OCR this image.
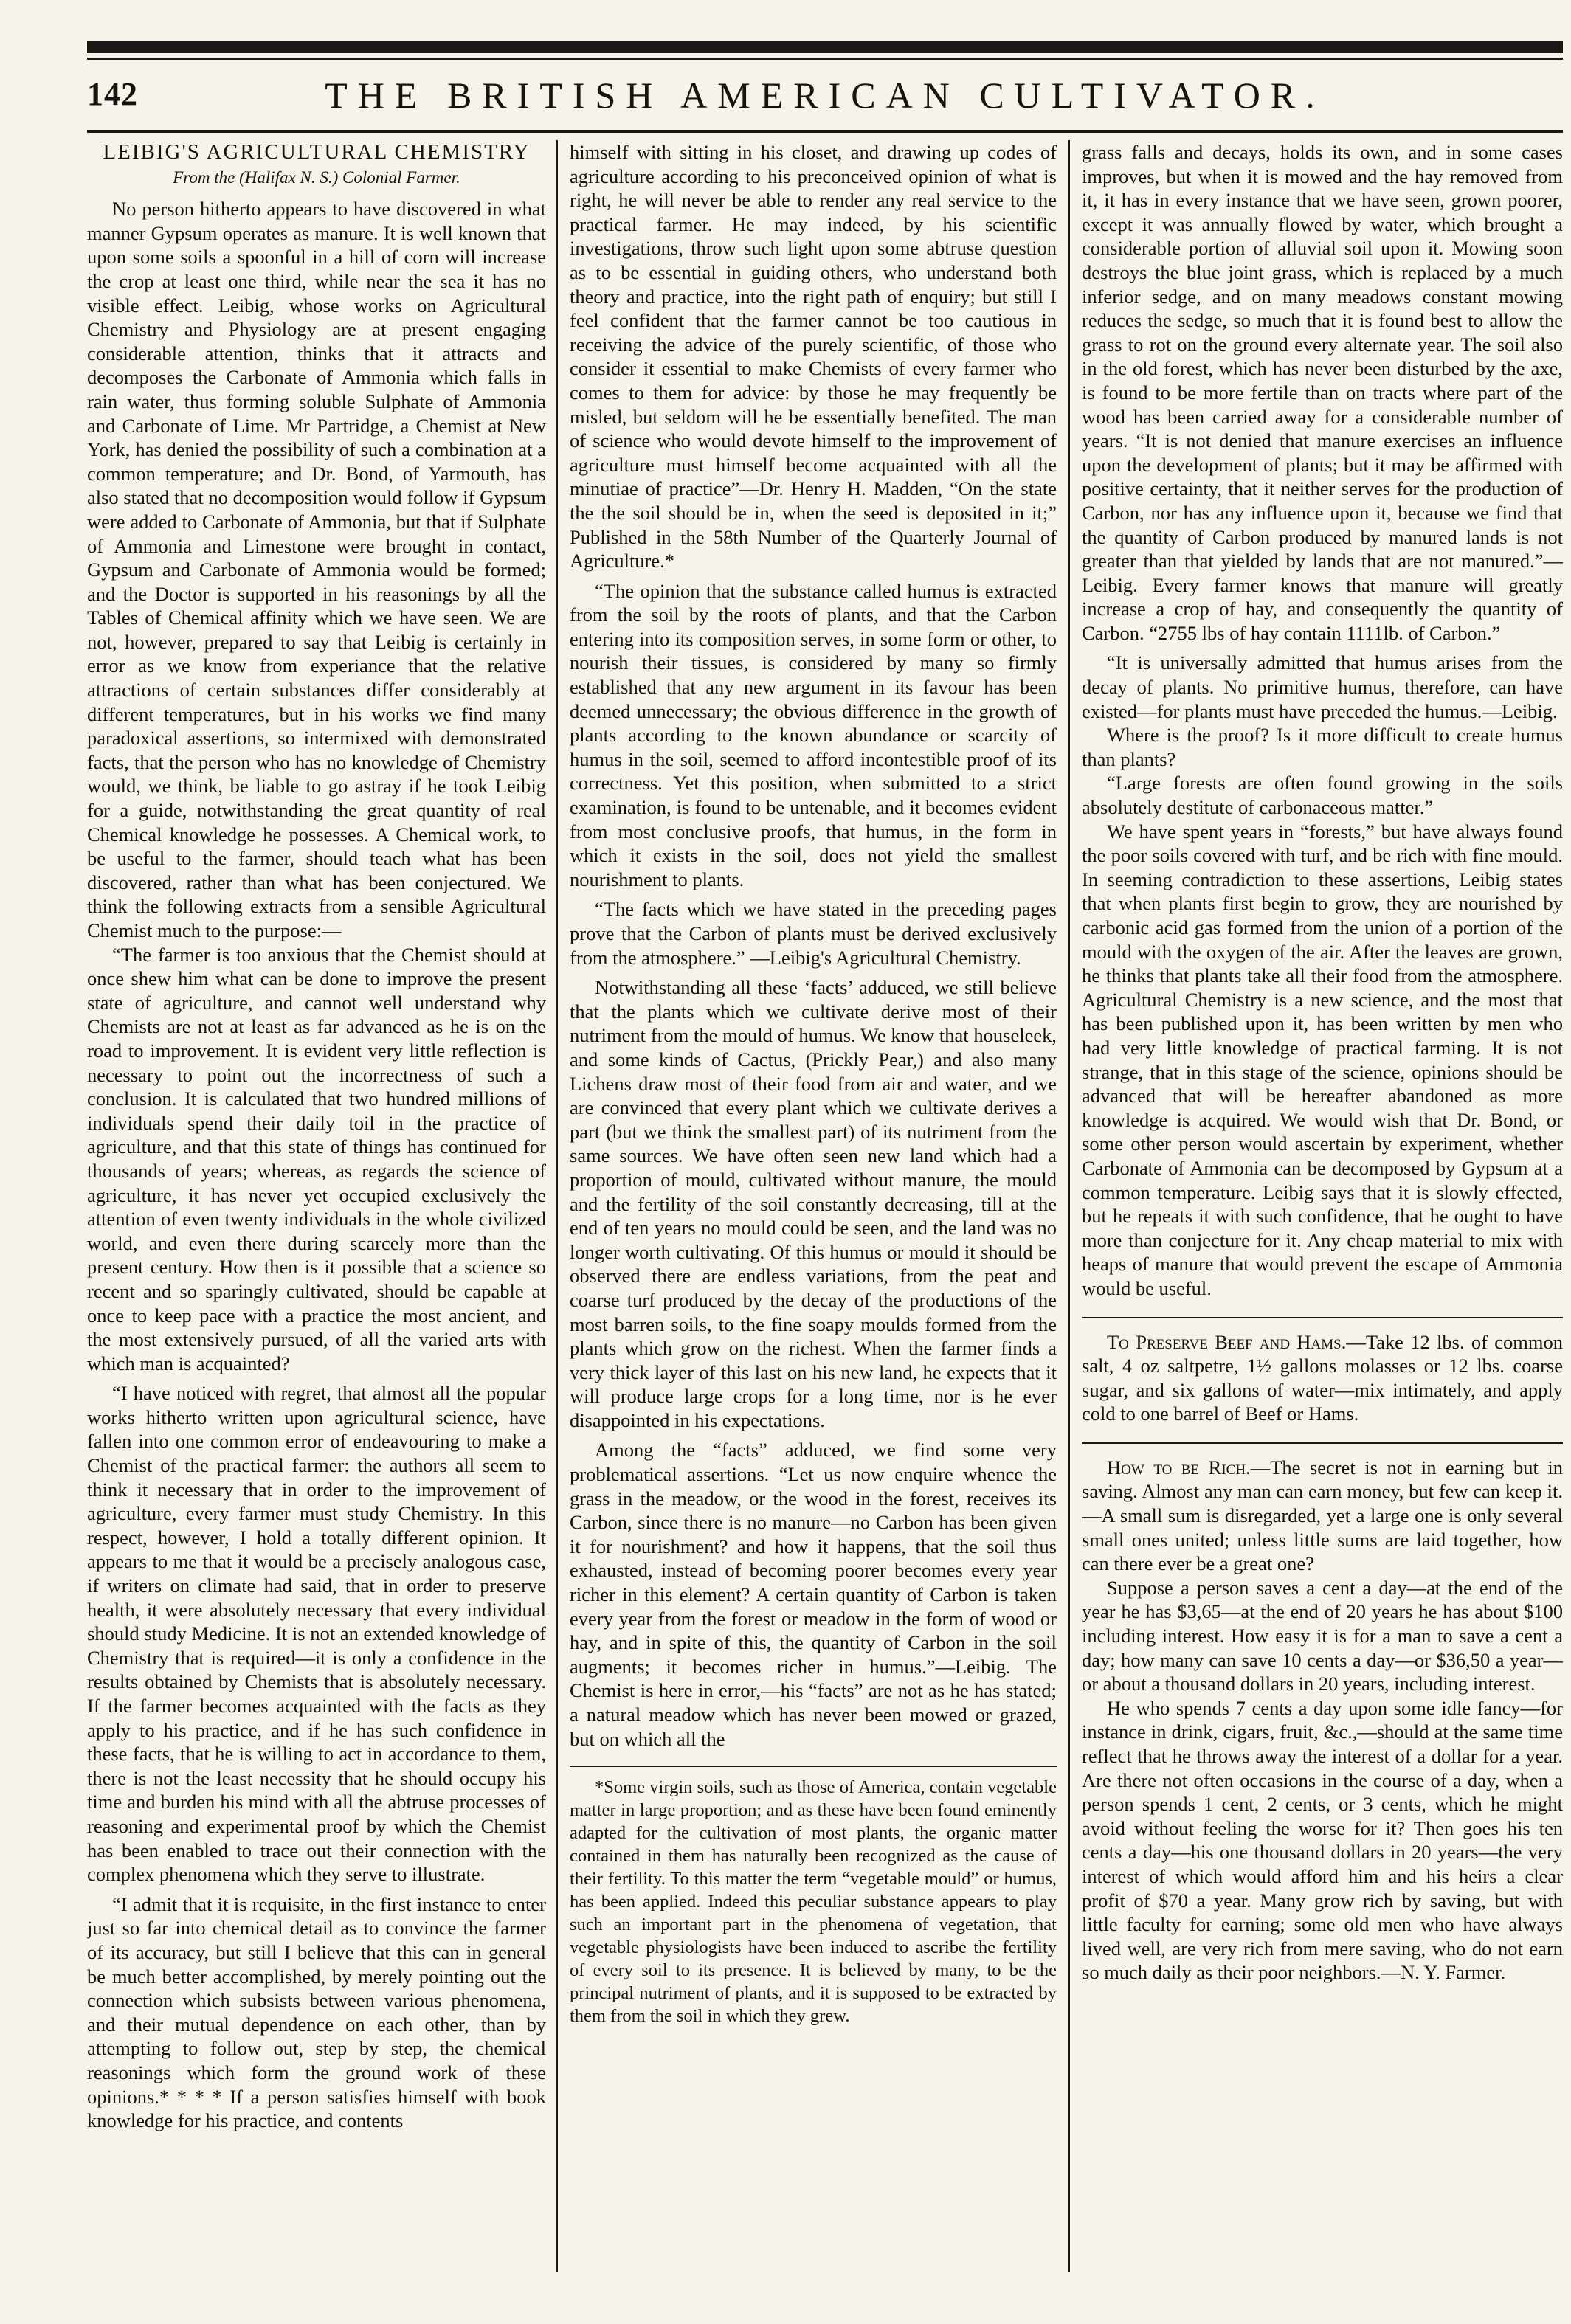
142	THE BRITISH AMERICAN CULTIVATOR.

LEIBIG'S AGRICULTURAL CHEMISTRY

From the (Halifax N. S.) Colonial Farmer.

No person hitherto appears to have discovered in what manner Gypsum operates as manure. It is well known that upon some soils a spoonful in a hill of corn will increase the crop at least one third, while near the sea it has no visible effect. Leibig, whose works on Agricultural Chemistry and Physiology are at present engaging considerable attention, thinks that it attracts and decomposes the Carbonate of Ammonia which falls in rain water, thus forming soluble Sulphate of Ammonia and Carbonate of Lime. Mr Partridge, a Chemist at New York, has denied the possibility of such a combination at a common temperature; and Dr. Bond, of Yarmouth, has also stated that no decomposition would follow if Gypsum were added to Carbonate of Ammonia, but that if Sulphate of Ammonia and Limestone were brought in contact, Gypsum and Carbonate of Ammonia would be formed; and the Doctor is supported in his reasonings by all the Tables of Chemical affinity which we have seen. We are not, however, prepared to say that Leibig is certainly in error as we know from experiance that the relative attractions of certain substances differ considerably at different temperatures, but in his works we find many paradoxical assertions, so intermixed with demonstrated facts, that the person who has no knowledge of Chemistry would, we think, be liable to go astray if he took Leibig for a guide, notwithstanding the great quantity of real Chemical knowledge he possesses. A Chemical work, to be useful to the farmer, should teach what has been discovered, rather than what has been conjectured. We think the following extracts from a sensible Agricultural Chemist much to the purpose:—

“The farmer is too anxious that the Chemist should at once shew him what can be done to improve the present state of agriculture, and cannot well understand why Chemists are not at least as far advanced as he is on the road to improvement. It is evident very little reflection is necessary to point out the incorrectness of such a conclusion. It is calculated that two hundred millions of individuals spend their daily toil in the practice of agriculture, and that this state of things has continued for thousands of years; whereas, as regards the science of agriculture, it has never yet occupied exclusively the attention of even twenty individuals in the whole civilized world, and even there during scarcely more than the present century. How then is it possible that a science so recent and so sparingly cultivated, should be capable at once to keep pace with a practice the most ancient, and the most extensively pursued, of all the varied arts with which man is acquainted?

“I have noticed with regret, that almost all the popular works hitherto written upon agricultural science, have fallen into one common error of endeavouring to make a Chemist of the practical farmer: the authors all seem to think it necessary that in order to the improvement of agriculture, every farmer must study Chemistry. In this respect, however, I hold a totally different opinion. It appears to me that it would be a precisely analogous case, if writers on climate had said, that in order to preserve health, it were absolutely necessary that every individual should study Medicine. It is not an extended knowledge of Chemistry that is required—it is only a confidence in the results obtained by Chemists that is absolutely necessary. If the farmer becomes acquainted with the facts as they apply to his practice, and if he has such confidence in these facts, that he is willing to act in accordance to them, there is not the least necessity that he should occupy his time and burden his mind with all the abtruse processes of reasoning and experimental proof by which the Chemist has been enabled to trace out their connection with the complex phenomena which they serve to illustrate.

“I admit that it is requisite, in the first instance to enter just so far into chemical detail as to convince the farmer of its accuracy, but still I believe that this can in general be much better accomplished, by merely pointing out the connection which subsists between various phenomena, and their mutual dependence on each other, than by attempting to follow out, step by step, the chemical reasonings which form the ground work of these opinions.* * * * If a person satisfies himself with book knowledge for his practice, and contents

himself with sitting in his closet, and drawing up codes of agriculture according to his preconceived opinion of what is right, he will never be able to render any real service to the practical farmer. He may indeed, by his scientific investigations, throw such light upon some abtruse question as to be essential in guiding others, who understand both theory and practice, into the right path of enquiry; but still I feel confident that the farmer cannot be too cautious in receiving the advice of the purely scientific, of those who consider it essential to make Chemists of every farmer who comes to them for advice: by those he may frequently be misled, but seldom will he be essentially benefited. The man of science who would devote himself to the improvement of agriculture must himself become acquainted with all the minutiae of practice”—Dr. Henry H. Madden, “On the state the the soil should be in, when the seed is deposited in it;” Published in the 58th Number of the Quarterly Journal of Agriculture.*

“The opinion that the substance called humus is extracted from the soil by the roots of plants, and that the Carbon entering into its composition serves, in some form or other, to nourish their tissues, is considered by many so firmly established that any new argument in its favour has been deemed unnecessary; the obvious difference in the growth of plants according to the known abundance or scarcity of humus in the soil, seemed to afford incontestible proof of its correctness. Yet this position, when submitted to a strict examination, is found to be untenable, and it becomes evident from most conclusive proofs, that humus, in the form in which it exists in the soil, does not yield the smallest nourishment to plants.

“The facts which we have stated in the preceding pages prove that the Carbon of plants must be derived exclusively from the atmosphere.” —Leibig's Agricultural Chemistry.

Notwithstanding all these ‘facts’ adduced, we still believe that the plants which we cultivate derive most of their nutriment from the mould of humus. We know that houseleek, and some kinds of Cactus, (Prickly Pear,) and also many Lichens draw most of their food from air and water, and we are convinced that every plant which we cultivate derives a part (but we think the smallest part) of its nutriment from the same sources. We have often seen new land which had a proportion of mould, cultivated without manure, the mould and the fertility of the soil constantly decreasing, till at the end of ten years no mould could be seen, and the land was no longer worth cultivating. Of this humus or mould it should be observed there are endless variations, from the peat and coarse turf produced by the decay of the productions of the most barren soils, to the fine soapy moulds formed from the plants which grow on the richest. When the farmer finds a very thick layer of this last on his new land, he expects that it will produce large crops for a long time, nor is he ever disappointed in his expectations.

Among the “facts” adduced, we find some very problematical assertions. “Let us now enquire whence the grass in the meadow, or the wood in the forest, receives its Carbon, since there is no manure—no Carbon has been given it for nourishment? and how it happens, that the soil thus exhausted, instead of becoming poorer becomes every year richer in this element? A certain quantity of Carbon is taken every year from the forest or meadow in the form of wood or hay, and in spite of this, the quantity of Carbon in the soil augments; it becomes richer in humus.”—Leibig. The Chemist is here in error,—his “facts” are not as he has stated; a natural meadow which has never been mowed or grazed, but on which all the

*Some virgin soils, such as those of America, contain vegetable matter in large proportion; and as these have been found eminently adapted for the cultivation of most plants, the organic matter contained in them has naturally been recognized as the cause of their fertility. To this matter the term “vegetable mould” or humus, has been applied. Indeed this peculiar substance appears to play such an important part in the phenomena of vegetation, that vegetable physiologists have been induced to ascribe the fertility of every soil to its presence. It is believed by many, to be the principal nutriment of plants, and it is supposed to be extracted by them from the soil in which they grew.

grass falls and decays, holds its own, and in some cases improves, but when it is mowed and the hay removed from it, it has in every instance that we have seen, grown poorer, except it was annually flowed by water, which brought a considerable portion of alluvial soil upon it. Mowing soon destroys the blue joint grass, which is replaced by a much inferior sedge, and on many meadows constant mowing reduces the sedge, so much that it is found best to allow the grass to rot on the ground every alternate year. The soil also in the old forest, which has never been disturbed by the axe, is found to be more fertile than on tracts where part of the wood has been carried away for a considerable number of years. “It is not denied that manure exercises an influence upon the development of plants; but it may be affirmed with positive certainty, that it neither serves for the production of Carbon, nor has any influence upon it, because we find that the quantity of Carbon produced by manured lands is not greater than that yielded by lands that are not manured.”—Leibig. Every farmer knows that manure will greatly increase a crop of hay, and consequently the quantity of Carbon. “2755 lbs of hay contain 1111lb. of Carbon.”

“It is universally admitted that humus arises from the decay of plants. No primitive humus, therefore, can have existed—for plants must have preceded the humus.—Leibig.

Where is the proof? Is it more difficult to create humus than plants?

“Large forests are often found growing in the soils absolutely destitute of carbonaceous matter.”

We have spent years in “forests,” but have always found the poor soils covered with turf, and be rich with fine mould. In seeming contradiction to these assertions, Leibig states that when plants first begin to grow, they are nourished by carbonic acid gas formed from the union of a portion of the mould with the oxygen of the air. After the leaves are grown, he thinks that plants take all their food from the atmosphere. Agricultural Chemistry is a new science, and the most that has been published upon it, has been written by men who had very little knowledge of practical farming. It is not strange, that in this stage of the science, opinions should be advanced that will be hereafter abandoned as more knowledge is acquired. We would wish that Dr. Bond, or some other person would ascertain by experiment, whether Carbonate of Ammonia can be decomposed by Gypsum at a common temperature. Leibig says that it is slowly effected, but he repeats it with such confidence, that he ought to have more than conjecture for it. Any cheap material to mix with heaps of manure that would prevent the escape of Ammonia would be useful.

To Preserve Beef and Hams.—Take 12 lbs. of common salt, 4 oz saltpetre, 1½ gallons molasses or 12 lbs. coarse sugar, and six gallons of water—mix intimately, and apply cold to one barrel of Beef or Hams.

How to be Rich.—The secret is not in earning but in saving. Almost any man can earn money, but few can keep it.—A small sum is disregarded, yet a large one is only several small ones united; unless little sums are laid together, how can there ever be a great one?

Suppose a person saves a cent a day—at the end of the year he has $3,65—at the end of 20 years he has about $100 including interest. How easy it is for a man to save a cent a day; how many can save 10 cents a day—or $36,50 a year—or about a thousand dollars in 20 years, including interest.

He who spends 7 cents a day upon some idle fancy—for instance in drink, cigars, fruit, &c.,—should at the same time reflect that he throws away the interest of a dollar for a year. Are there not often occasions in the course of a day, when a person spends 1 cent, 2 cents, or 3 cents, which he might avoid without feeling the worse for it? Then goes his ten cents a day—his one thousand dollars in 20 years—the very interest of which would afford him and his heirs a clear profit of $70 a year. Many grow rich by saving, but with little faculty for earning; some old men who have always lived well, are very rich from mere saving, who do not earn so much daily as their poor neighbors.—N. Y. Farmer.
